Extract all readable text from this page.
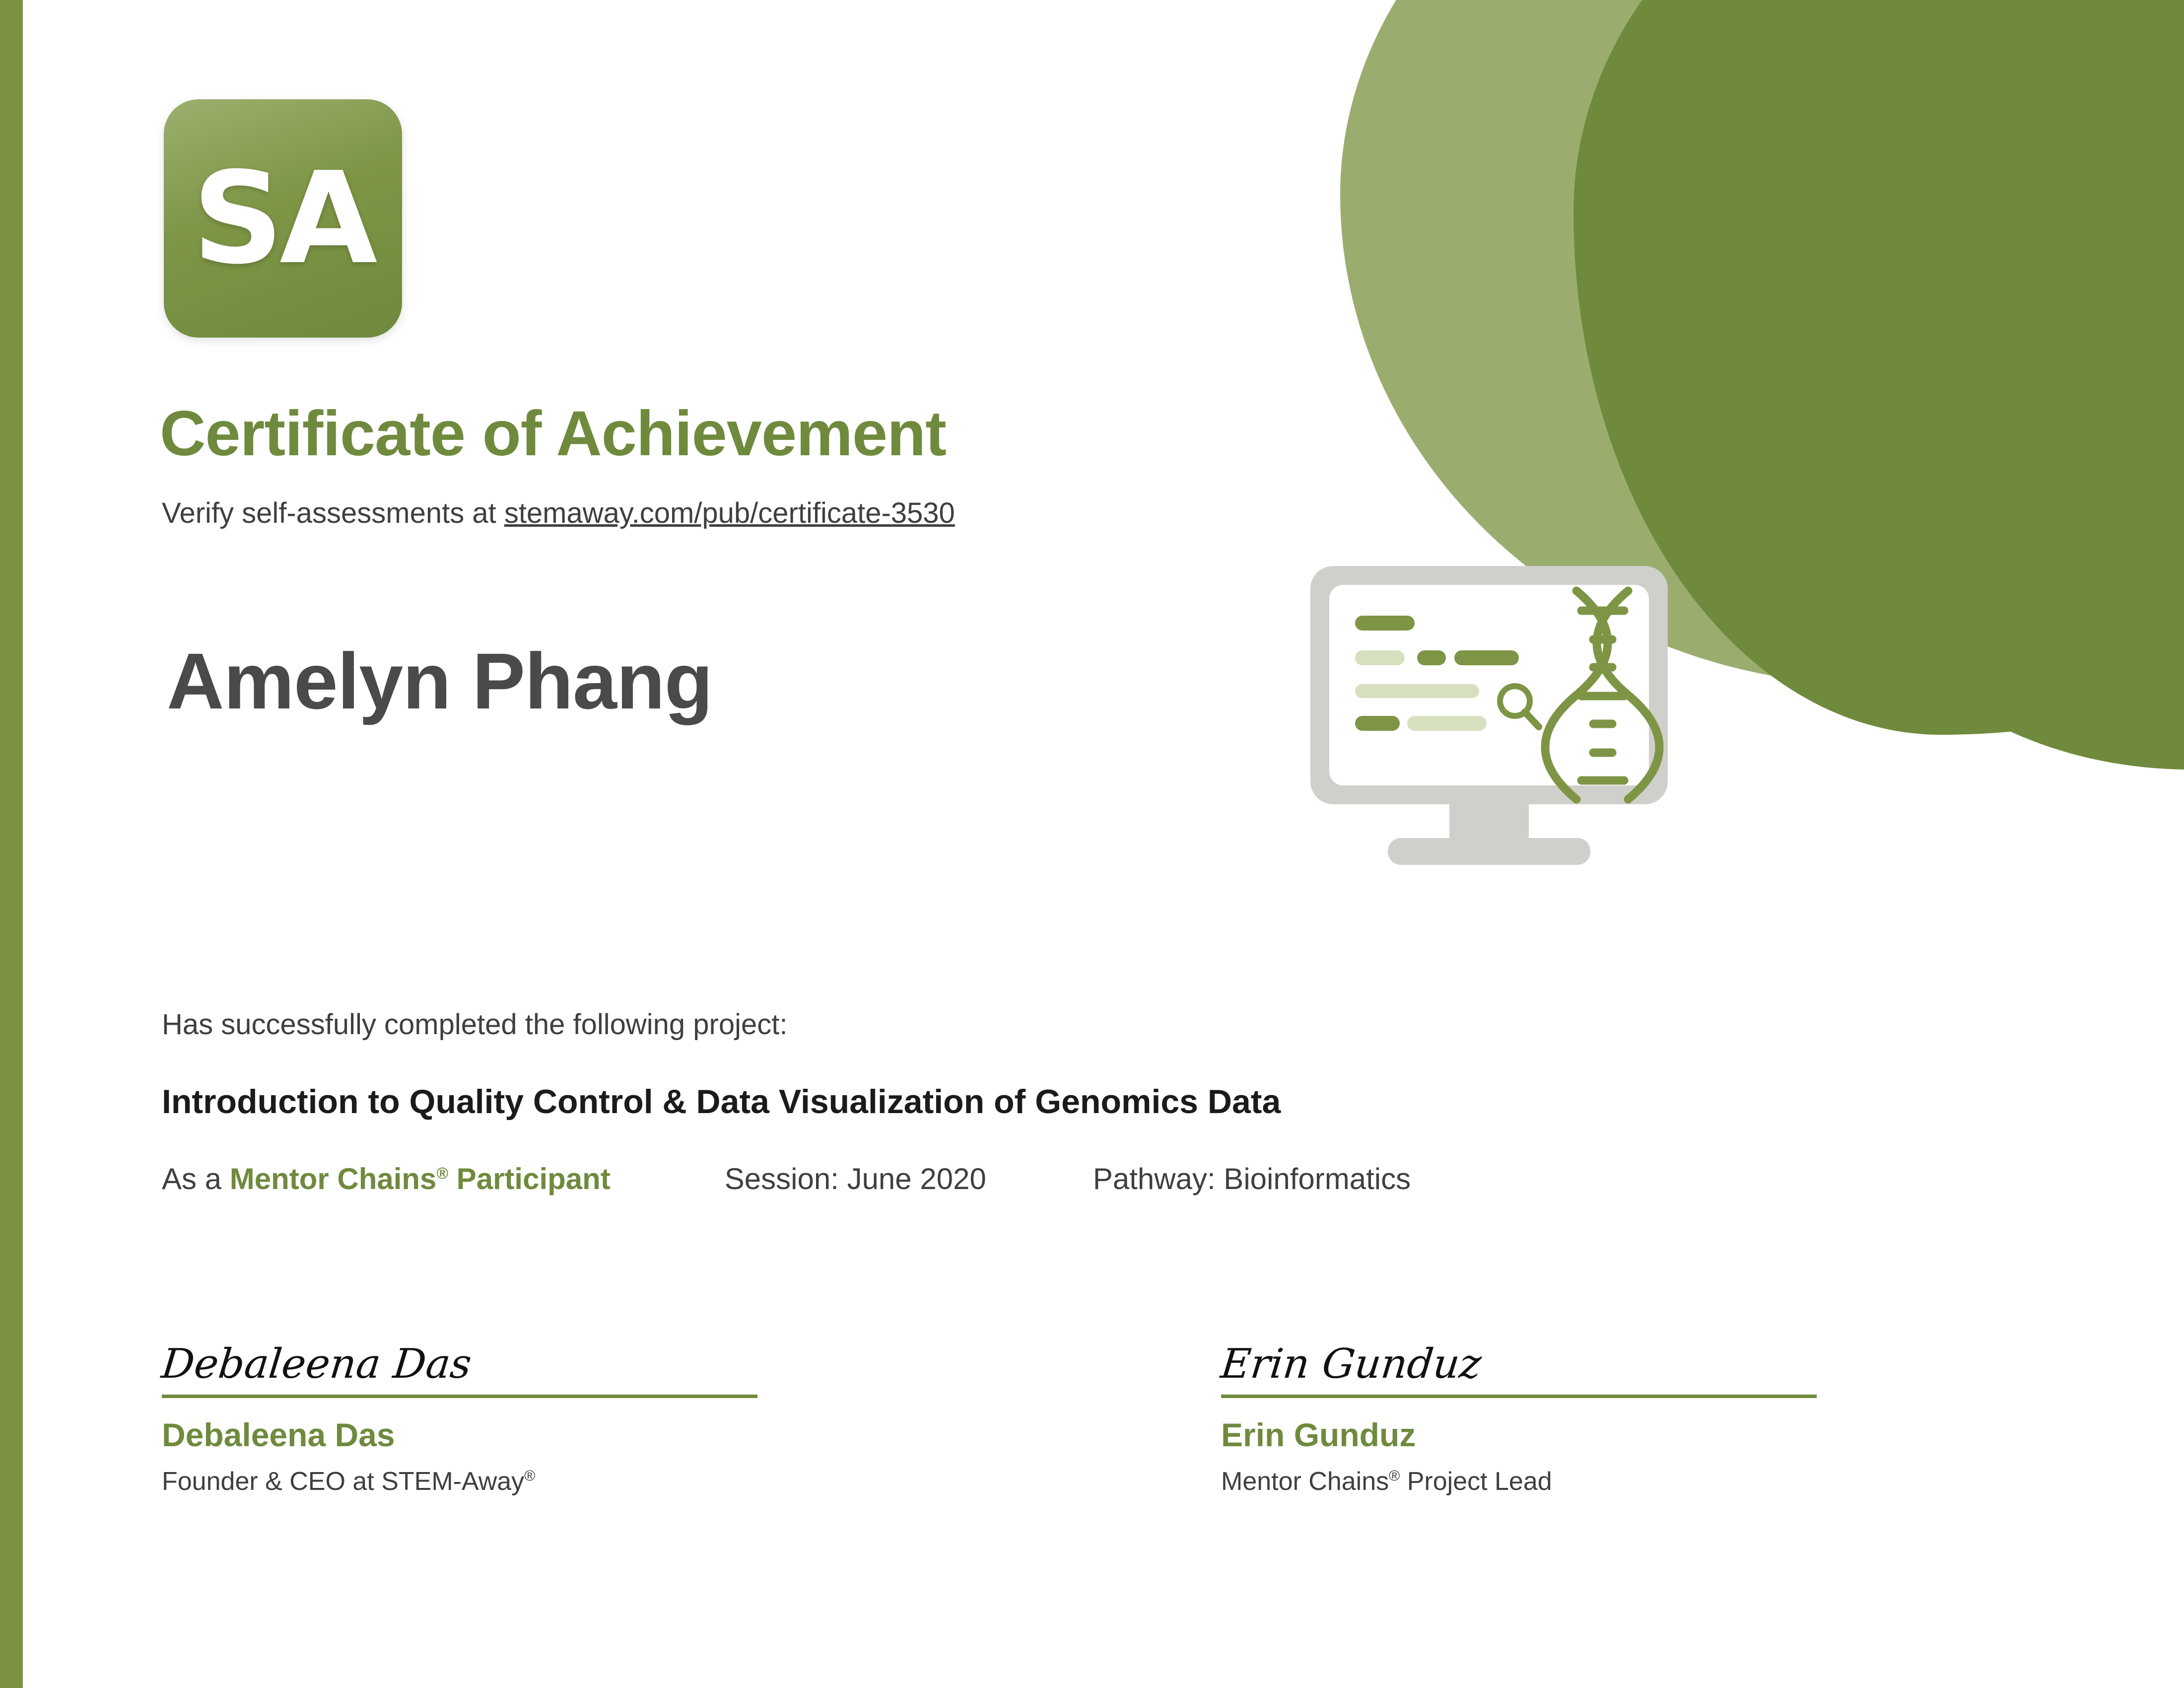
SA
Certificate of Achievement
Verify self-assessments at stemaway.com/pub/certificate-3530
Amelyn Phang
Has successfully completed the following project:
Introduction to Quality Control & Data Visualization of Genomics Data
As a Mentor Chains® Participant	Session: June 2020	Pathway: Bioinformatics
Debaleena Das
Debaleena Das
Founder & CEO at STEM-Away®
Erin Gunduz
Erin Gunduz
Mentor Chains® Project Lead
